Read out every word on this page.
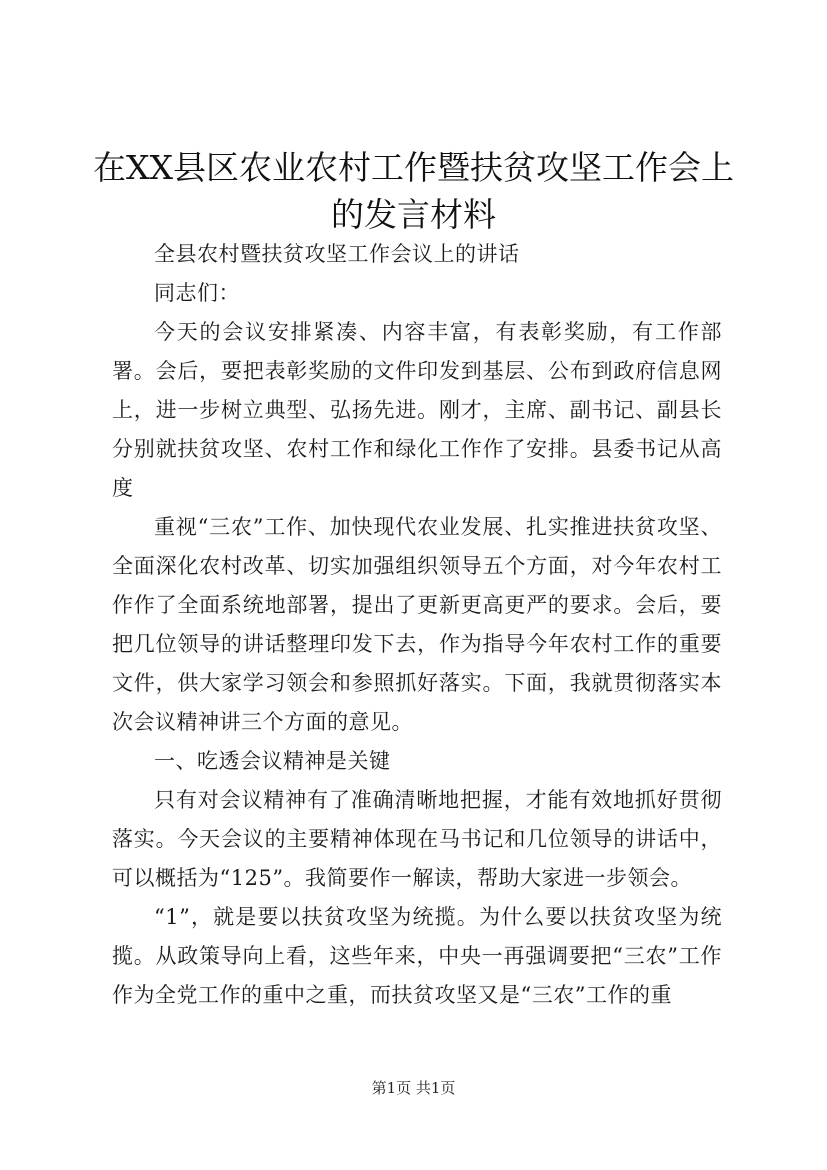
在XX县区农业农村工作暨扶贫攻坚工作会上
的发言材料

全县农村暨扶贫攻坚工作会议上的讲话

同志们：

今天的会议安排紧凑、内容丰富，有表彰奖励，有工作部署。会后，要把表彰奖励的文件印发到基层、公布到政府信息网上，进一步树立典型、弘扬先进。刚才，主席、副书记、副县长分别就扶贫攻坚、农村工作和绿化工作作了安排。县委书记从高度

重视“三农”工作、加快现代农业发展、扎实推进扶贫攻坚、全面深化农村改革、切实加强组织领导五个方面，对今年农村工作作了全面系统地部署，提出了更新更高更严的要求。会后，要把几位领导的讲话整理印发下去，作为指导今年农村工作的重要文件，供大家学习领会和参照抓好落实。下面，我就贯彻落实本次会议精神讲三个方面的意见。

一、吃透会议精神是关键

只有对会议精神有了准确清晰地把握，才能有效地抓好贯彻落实。今天会议的主要精神体现在马书记和几位领导的讲话中，可以概括为“125”。我简要作一解读，帮助大家进一步领会。

“1”，就是要以扶贫攻坚为统揽。为什么要以扶贫攻坚为统揽。从政策导向上看，这些年来，中央一再强调要把“三农”工作作为全党工作的重中之重，而扶贫攻坚又是“三农”工作的重

第1页 共1页
